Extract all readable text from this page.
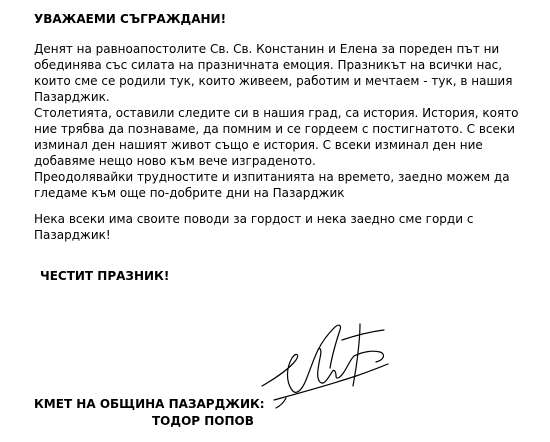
УВАЖАЕМИ СЪГРАЖДАНИ!
Денят на равноапостолите Св. Св. Констанин и Елена за пореден път ни
обединява със силата на празничната емоция. Празникът на всички нас,
които сме се родили тук, които живеем, работим и мечтаем - тук, в нашия
Пазарджик.
Столетията, оставили следите си в нашия град, са история. История, която
ние трябва да познаваме, да помним и се гордеем с постигнатото. С всеки
изминал ден нашият живот също е история. С всеки изминал ден ние
добавяме нещо ново към вече изграденото.
Преодолявайки трудностите и изпитанията на времето, заедно можем да
гледаме към още по-добрите дни на Пазарджик
Нека всеки има своите поводи за гордост и нека заедно сме горди с
Пазарджик!
ЧЕСТИТ ПРАЗНИК!
КМЕТ НА ОБЩИНА ПАЗАРДЖИК:
ТОДОР ПОПОВ
